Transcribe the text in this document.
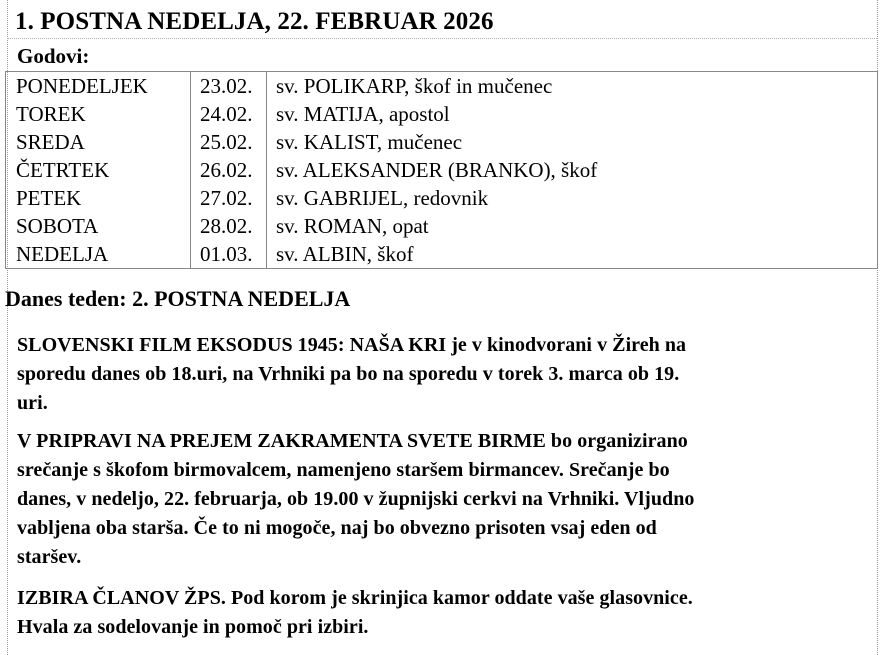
1. POSTNA NEDELJA, 22. FEBRUAR 2026
Godovi:
PONEDELJEK	23.02.	sv. POLIKARP, škof in mučenec
TOREK	24.02.	sv. MATIJA, apostol
SREDA	25.02.	sv. KALIST, mučenec
ČETRTEK	26.02.	sv. ALEKSANDER (BRANKO), škof
PETEK	27.02.	sv. GABRIJEL, redovnik
SOBOTA	28.02.	sv. ROMAN, opat
NEDELJA	01.03.	sv. ALBIN, škof
Danes teden: 2. POSTNA NEDELJA
SLOVENSKI FILM EKSODUS 1945: NAŠA KRI je v kinodvorani v Žireh na
sporedu danes ob 18.uri, na Vrhniki pa bo na sporedu v torek 3. marca ob 19.
uri.
V PRIPRAVI NA PREJEM ZAKRAMENTA SVETE BIRME bo organizirano
srečanje s škofom birmovalcem, namenjeno staršem birmancev. Srečanje bo
danes, v nedeljo, 22. februarja, ob 19.00 v župnijski cerkvi na Vrhniki. Vljudno
vabljena oba starša. Če to ni mogoče, naj bo obvezno prisoten vsaj eden od
staršev.
IZBIRA ČLANOV ŽPS. Pod korom je skrinjica kamor oddate vaše glasovnice.
Hvala za sodelovanje in pomoč pri izbiri.
